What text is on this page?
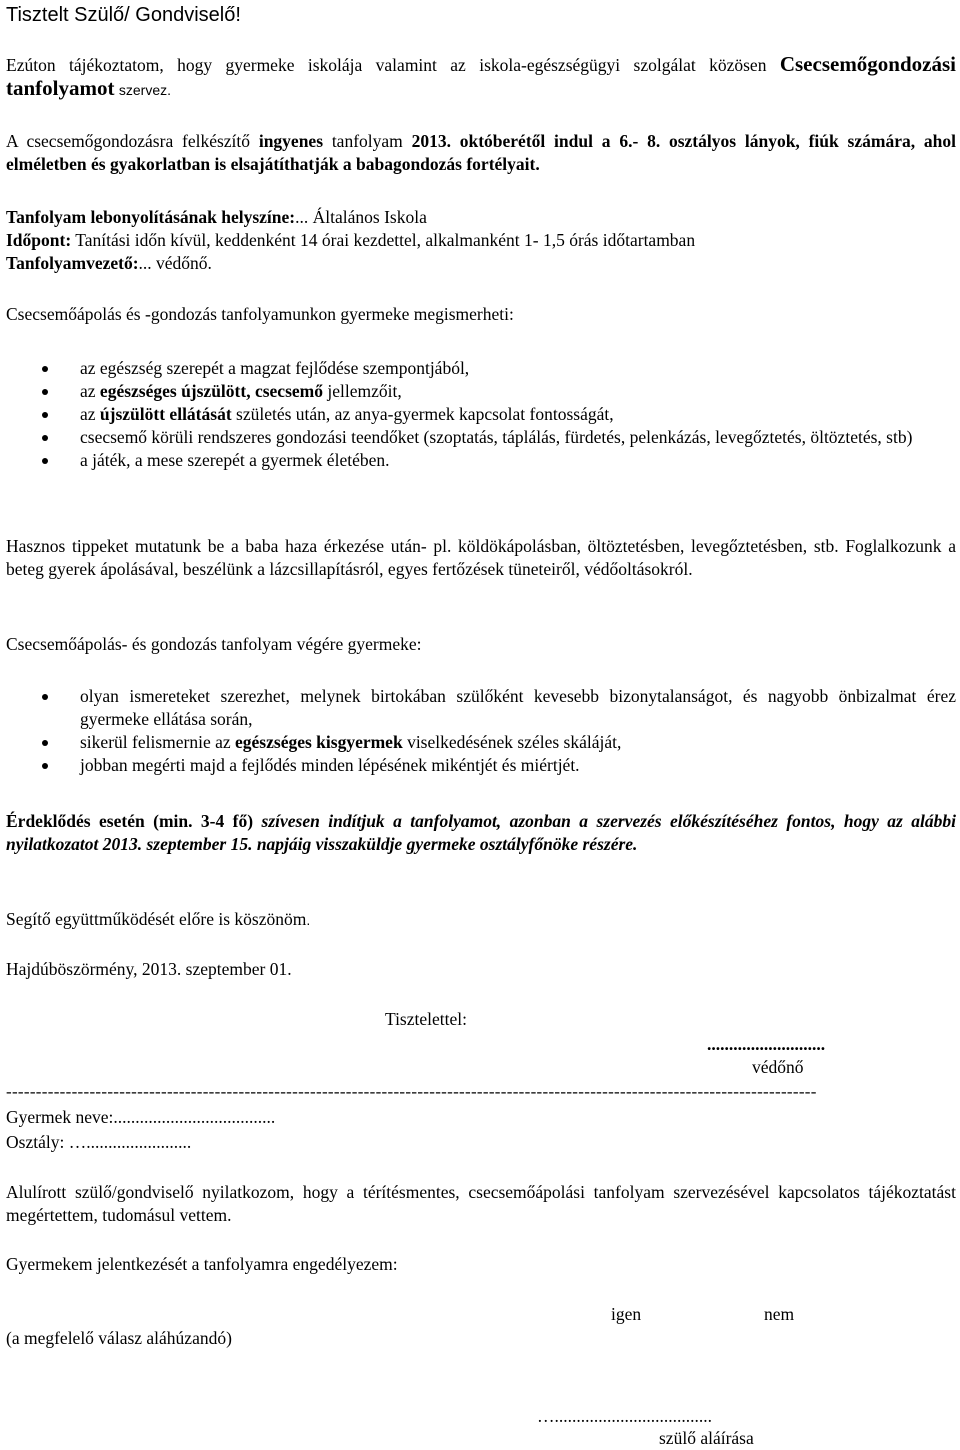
Tisztelt Szülő/ Gondviselő!

Ezúton tájékoztatom, hogy gyermeke iskolája valamint az iskola-egészségügyi szolgálat közösen Csecsemőgondozási tanfolyamot szervez.

A csecsemőgondozásra felkészítő ingyenes tanfolyam 2013. októberétől indul a 6.- 8. osztályos lányok, fiúk számára, ahol elméletben és gyakorlatban is elsajátíthatják a babagondozás fortélyait.

Tanfolyam lebonyolításának helyszíne:... Általános Iskola
Időpont: Tanítási időn kívül, keddenként 14 órai kezdettel, alkalmanként 1- 1,5 órás időtartamban
Tanfolyamvezető:... védőnő.
Csecsemőápolás és -gondozás tanfolyamunkon gyermeke megismerheti:
az egészség szerepét a magzat fejlődése szempontjából,
az egészséges újszülött, csecsemő jellemzőit,
az újszülött ellátását születés után, az anya-gyermek kapcsolat fontosságát,
csecsemő körüli rendszeres gondozási teendőket (szoptatás, táplálás, fürdetés, pelenkázás, levegőztetés, öltöztetés, stb)
a játék, a mese szerepét a gyermek életében.

Hasznos tippeket mutatunk be a baba haza érkezése után- pl. köldökápolásban, öltöztetésben, levegőztetésben, stb. Foglalkozunk a beteg gyerek ápolásával, beszélünk a lázcsillapításról, egyes fertőzések tüneteiről, védőoltásokról.

Csecsemőápolás- és gondozás tanfolyam végére gyermeke:
olyan ismereteket szerezhet, melynek birtokában szülőként kevesebb bizonytalanságot, és nagyobb önbizalmat érez gyermeke ellátása során,
sikerül felismernie az egészséges kisgyermek viselkedésének széles skáláját,
jobban megérti majd a fejlődés minden lépésének mikéntjét és miértjét.

Érdeklődés esetén (min. 3-4 fő) szívesen indítjuk a tanfolyamot, azonban a szervezés előkészítéséhez fontos, hogy az alábbi nyilatkozatot 2013. szeptember 15. napjáig visszaküldje gyermeke osztályfőnöke részére.

Segítő együttműködését előre is köszönöm.
Hajdúböszörmény, 2013. szeptember 01.
Tisztelettel:
...........................
védőnő
----------------------------------------------------------------------------------------------------------------------------------------
Gyermek neve:.....................................
Osztály: …........................

Alulírott szülő/gondviselő nyilatkozom, hogy a térítésmentes, csecsemőápolási tanfolyam szervezésével kapcsolatos tájékoztatást megértettem, tudomásul vettem.

Gyermekem jelentkezését a tanfolyamra engedélyezem:
igen	nem
(a megfelelő válasz aláhúzandó)
…....................................
szülő aláírása
